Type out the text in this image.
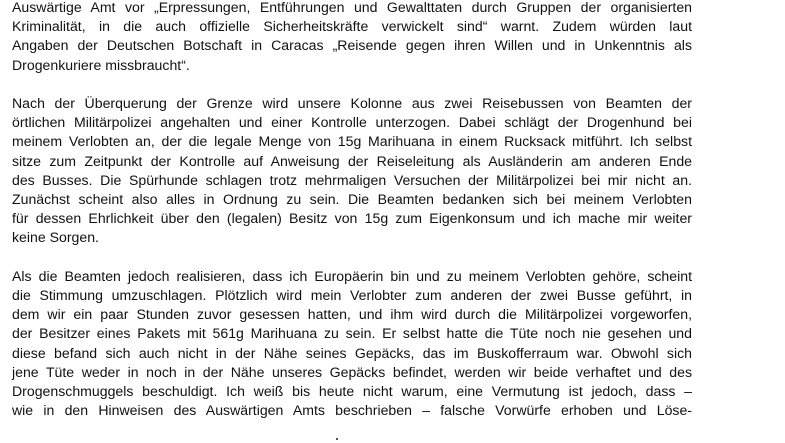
Auswärtige Amt vor „Erpressungen, Entführungen und Gewalttaten durch Gruppen der organisierten
Kriminalität, in die auch offizielle Sicherheitskräfte verwickelt sind“ warnt. Zudem würden laut
Angaben der Deutschen Botschaft in Caracas „Reisende gegen ihren Willen und in Unkenntnis als
Drogenkuriere missbraucht“.
Nach der Überquerung der Grenze wird unsere Kolonne aus zwei Reisebussen von Beamten der
örtlichen Militärpolizei angehalten und einer Kontrolle unterzogen. Dabei schlägt der Drogenhund bei
meinem Verlobten an, der die legale Menge von 15g Marihuana in einem Rucksack mitführt. Ich selbst
sitze zum Zeitpunkt der Kontrolle auf Anweisung der Reiseleitung als Ausländerin am anderen Ende
des Busses. Die Spürhunde schlagen trotz mehrmaligen Versuchen der Militärpolizei bei mir nicht an.
Zunächst scheint also alles in Ordnung zu sein. Die Beamten bedanken sich bei meinem Verlobten
für dessen Ehrlichkeit über den (legalen) Besitz von 15g zum Eigenkonsum und ich mache mir weiter
keine Sorgen.
Als die Beamten jedoch realisieren, dass ich Europäerin bin und zu meinem Verlobten gehöre, scheint
die Stimmung umzuschlagen. Plötzlich wird mein Verlobter zum anderen der zwei Busse geführt, in
dem wir ein paar Stunden zuvor gesessen hatten, und ihm wird durch die Militärpolizei vorgeworfen,
der Besitzer eines Pakets mit 561g Marihuana zu sein. Er selbst hatte die Tüte noch nie gesehen und
diese befand sich auch nicht in der Nähe seines Gepäcks, das im Buskofferraum war. Obwohl sich
jene Tüte weder in noch in der Nähe unseres Gepäcks befindet, werden wir beide verhaftet und des
Drogenschmuggels beschuldigt. Ich weiß bis heute nicht warum, eine Vermutung ist jedoch, dass –
wie in den Hinweisen des Auswärtigen Amts beschrieben – falsche Vorwürfe erhoben und Löse-
